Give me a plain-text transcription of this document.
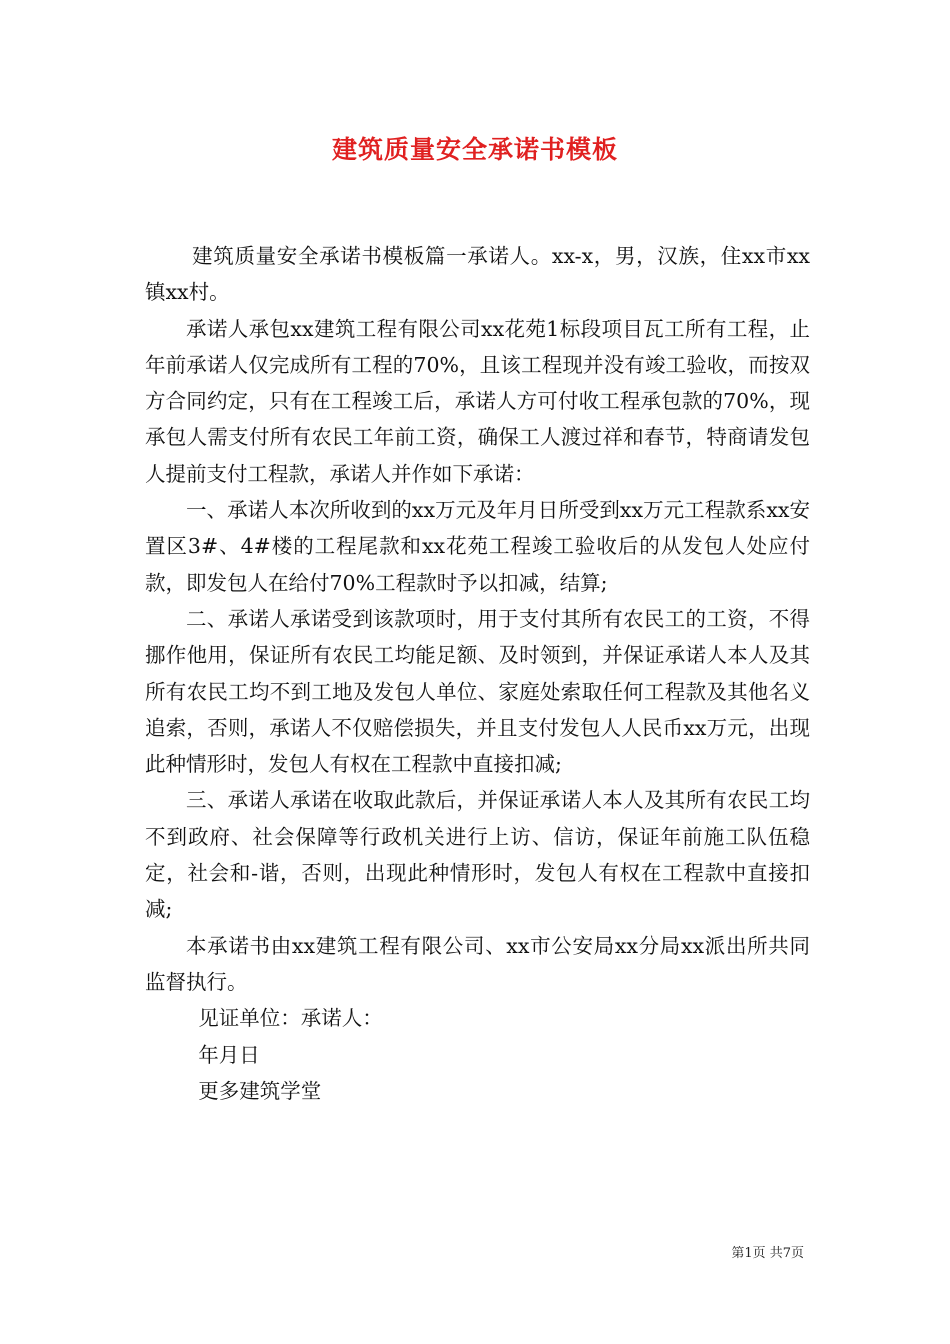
建筑质量安全承诺书模板

建筑质量安全承诺书模板篇一承诺人。xx-x，男，汉族，住xx市xx镇xx村。

承诺人承包xx建筑工程有限公司xx花苑1标段项目瓦工所有工程，止年前承诺人仅完成所有工程的70%，且该工程现并没有竣工验收，而按双方合同约定，只有在工程竣工后，承诺人方可付收工程承包款的70%，现承包人需支付所有农民工年前工资，确保工人渡过祥和春节，特商请发包人提前支付工程款，承诺人并作如下承诺：

一、承诺人本次所收到的xx万元及年月日所受到xx万元工程款系xx安置区3#、4#楼的工程尾款和xx花苑工程竣工验收后的从发包人处应付款，即发包人在给付70%工程款时予以扣减，结算;

二、承诺人承诺受到该款项时，用于支付其所有农民工的工资，不得挪作他用，保证所有农民工均能足额、及时领到，并保证承诺人本人及其所有农民工均不到工地及发包人单位、家庭处索取任何工程款及其他名义追索，否则，承诺人不仅赔偿损失，并且支付发包人人民币xx万元，出现此种情形时，发包人有权在工程款中直接扣减;

三、承诺人承诺在收取此款后，并保证承诺人本人及其所有农民工均不到政府、社会保障等行政机关进行上访、信访，保证年前施工队伍稳定，社会和-谐，否则，出现此种情形时，发包人有权在工程款中直接扣减;

本承诺书由xx建筑工程有限公司、xx市公安局xx分局xx派出所共同监督执行。

见证单位：承诺人：

年月日

更多建筑学堂

第1页 共7页
